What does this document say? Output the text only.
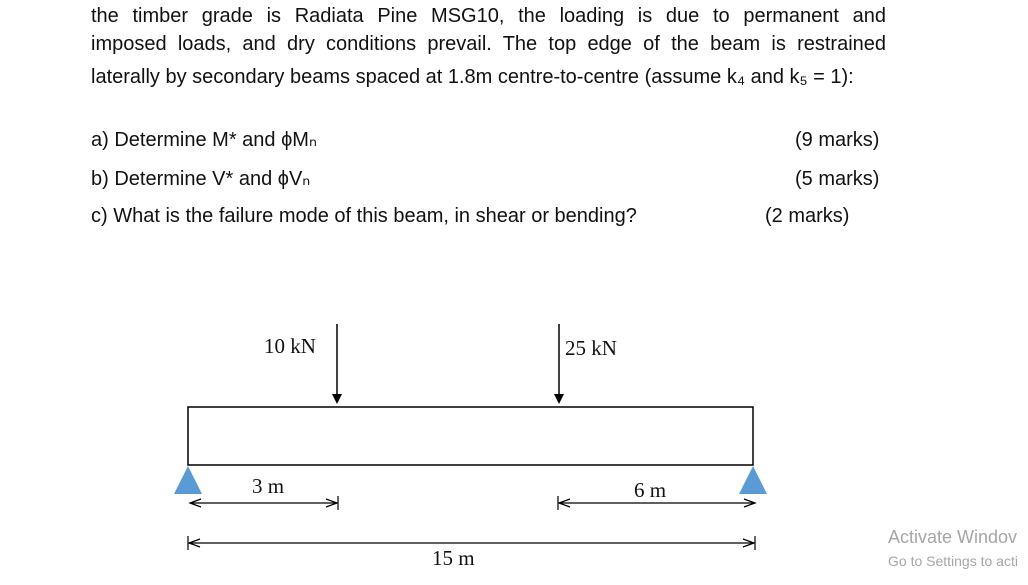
the timber grade is Radiata Pine MSG10, the loading is due to permanent and

imposed loads, and dry conditions prevail. The top edge of the beam is restrained

laterally by secondary beams spaced at 1.8m centre-to-centre (assume k₄ and k₅ = 1):

a) Determine M* and ϕMₙ	(9 marks)
b) Determine V* and ϕVₙ	(5 marks)
c) What is the failure mode of this beam, in shear or bending?	(2 marks)
10 kN	25 kN
3 m	6 m
15 m
Activate Windov
Go to Settings to acti
